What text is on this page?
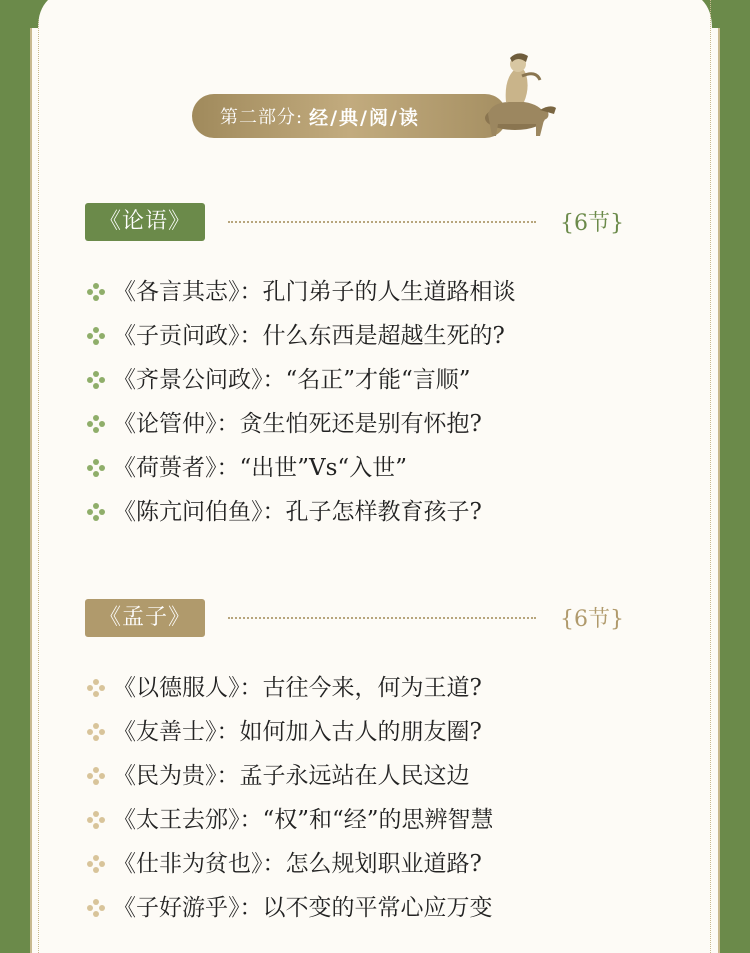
第二部分: 经/典/阅/读
《论语》	{6节}
《各言其志》：孔门弟子的人生道路相谈
《子贡问政》：什么东西是超越生死的?
《齐景公问政》：“名正”才能“言顺”
《论管仲》：贪生怕死还是别有怀抱?
《荷蒉者》：“出世”Vs“入世”
《陈亢问伯鱼》：孔子怎样教育孩子?
《孟子》	{6节}
《以德服人》：古往今来，何为王道?
《友善士》：如何加入古人的朋友圈?
《民为贵》：孟子永远站在人民这边
《太王去邠》：“权”和“经”的思辨智慧
《仕非为贫也》：怎么规划职业道路?
《子好游乎》：以不变的平常心应万变
